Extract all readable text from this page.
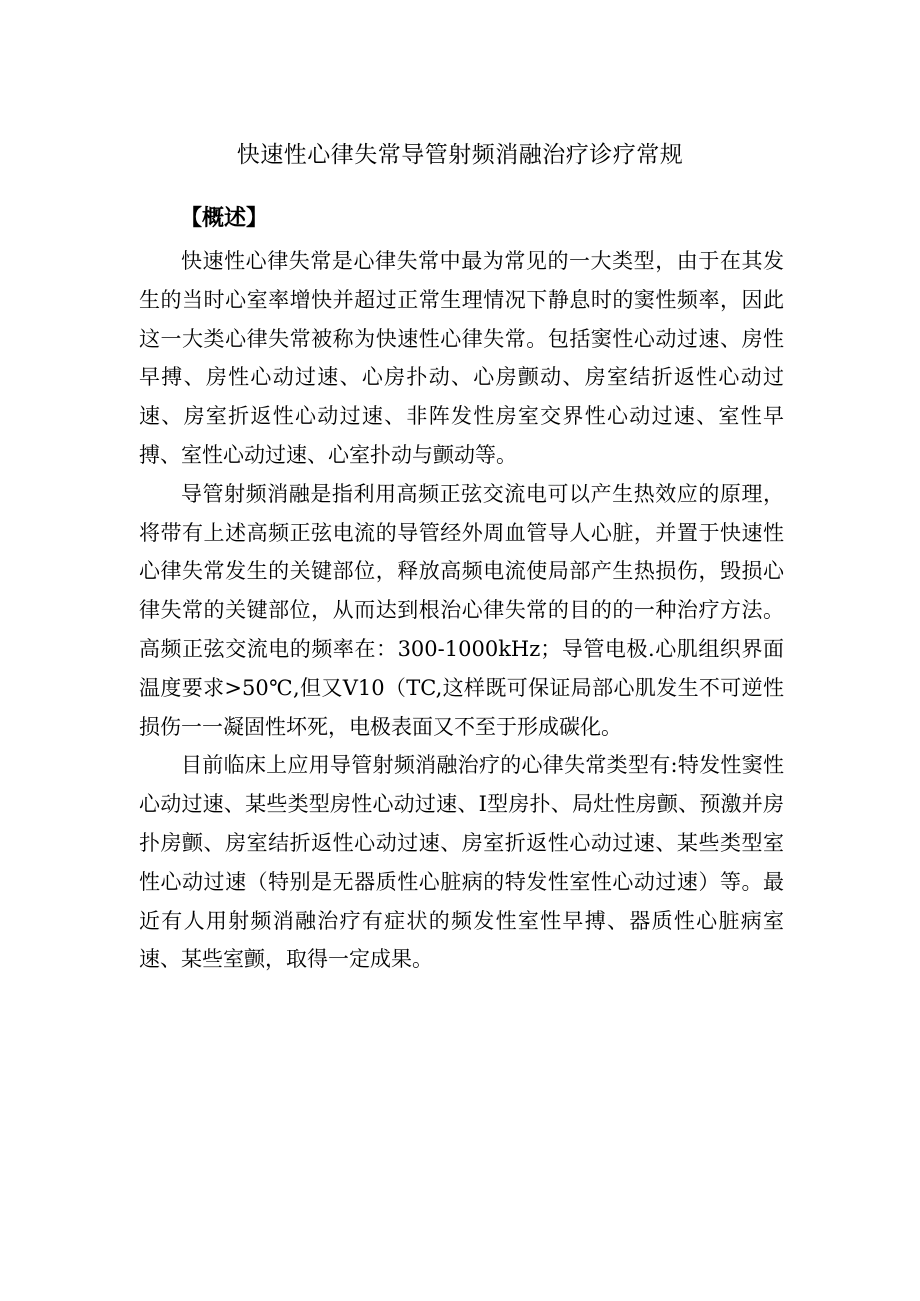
快速性心律失常导管射频消融治疗诊疗常规
【概述】

快速性心律失常是心律失常中最为常见的一大类型，由于在其发生的当时心室率增快并超过正常生理情况下静息时的窦性频率，因此这一大类心律失常被称为快速性心律失常。包括窦性心动过速、房性早搏、房性心动过速、心房扑动、心房颤动、房室结折返性心动过速、房室折返性心动过速、非阵发性房室交界性心动过速、室性早搏、室性心动过速、心室扑动与颤动等。

导管射频消融是指利用高频正弦交流电可以产生热效应的原理，将带有上述高频正弦电流的导管经外周血管导人心脏，并置于快速性心律失常发生的关键部位，释放高频电流使局部产生热损伤，毁损心律失常的关键部位，从而达到根治心律失常的目的的一种治疗方法。高频正弦交流电的频率在：300-1000kHz；导管电极.心肌组织界面温度要求>50℃,但又V10（TC,这样既可保证局部心肌发生不可逆性损伤一一凝固性坏死，电极表面又不至于形成碳化。

目前临床上应用导管射频消融治疗的心律失常类型有:特发性窦性心动过速、某些类型房性心动过速、I型房扑、局灶性房颤、预激并房扑房颤、房室结折返性心动过速、房室折返性心动过速、某些类型室性心动过速（特别是无器质性心脏病的特发性室性心动过速）等。最近有人用射频消融治疗有症状的频发性室性早搏、器质性心脏病室速、某些室颤，取得一定成果。
